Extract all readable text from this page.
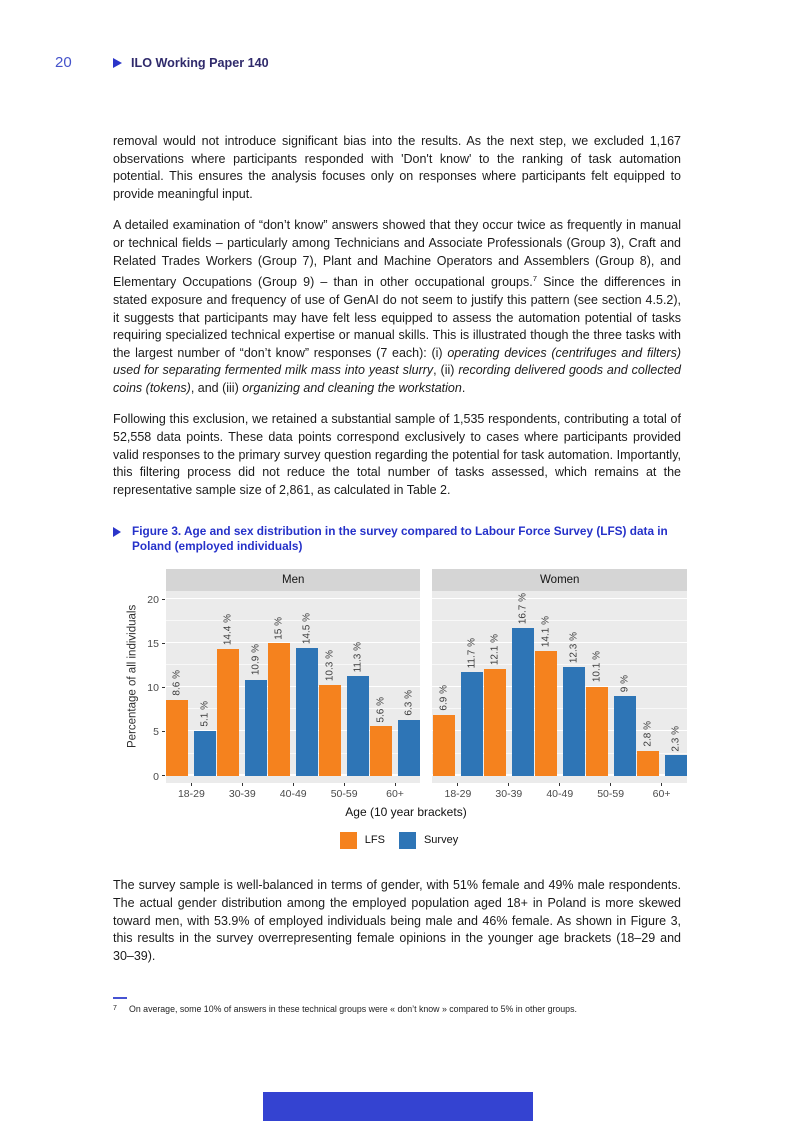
20	ILO Working Paper 140

removal would not introduce significant bias into the results. As the next step, we excluded 1,167 observations where participants responded with 'Don't know' to the ranking of task automation potential. This ensures the analysis focuses only on responses where participants felt equipped to provide meaningful input.

A detailed examination of “don’t know” answers showed that they occur twice as frequently in manual or technical fields – particularly among Technicians and Associate Professionals (Group 3), Craft and Related Trades Workers (Group 7), Plant and Machine Operators and Assemblers (Group 8), and Elementary Occupations (Group 9) – than in other occupational groups.$^7$ Since the differences in stated exposure and frequency of use of GenAI do not seem to justify this pattern (see section 4.5.2), it suggests that participants may have felt less equipped to assess the automation potential of tasks requiring specialized technical expertise or manual skills. This is illustrated though the three tasks with the largest number of “don’t know” responses (7 each): (i) operating devices (centrifuges and filters) used for separating fermented milk mass into yeast slurry, (ii) recording delivered goods and collected coins (tokens), and (iii) organizing and cleaning the workstation.

Following this exclusion, we retained a substantial sample of 1,535 respondents, contributing a total of 52,558 data points. These data points correspond exclusively to cases where participants provided valid responses to the primary survey question regarding the potential for task automation. Importantly, this filtering process did not reduce the total number of tasks assessed, which remains at the representative sample size of 2,861, as calculated in Table 2.

Figure 3. Age and sex distribution in the survey compared to Labour Force Survey (LFS) data in Poland (employed individuals)
Percentage of all individuals
0
5
10
15
20
Men
8.6 %
5.1 %
14.4 %
10.9 %
15 % 14.5 %
10.3 % 11.3 %
5.6 % 6.3 %
18-29 30-39 40-49 50-59	60+
Women
6.9 %
11.7 % 12.1 %
16.7 %
14.1 %
12.3 %
10.1 %
9 %
2.8 % 2.3 %
18-29 30-39 40-49 50-59	60+
Age (10 year brackets)
LFS	Survey

The survey sample is well-balanced in terms of gender, with 51% female and 49% male respondents. The actual gender distribution among the employed population aged 18+ in Poland is more skewed toward men, with 53.9% of employed individuals being male and 46% female. As shown in Figure 3, this results in the survey overrepresenting female opinions in the younger age brackets (18–29 and 30–39).

7	On average, some 10% of answers in these technical groups were « don’t know » compared to 5% in other groups.
